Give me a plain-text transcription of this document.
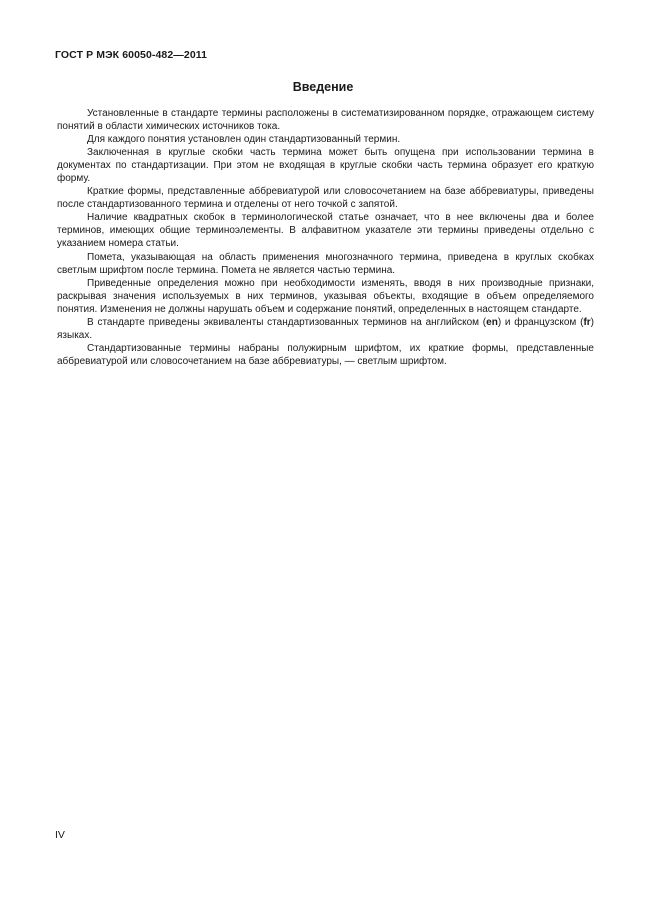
ГОСТ Р МЭК 60050-482—2011
Введение

Установленные в стандарте термины расположены в систематизированном порядке, отражающем систему понятий в области химических источников тока.

Для каждого понятия установлен один стандартизованный термин.

Заключенная в круглые скобки часть термина может быть опущена при использовании термина в документах по стандартизации. При этом не входящая в круглые скобки часть термина образует его краткую форму.

Краткие формы, представленные аббревиатурой или словосочетанием на базе аббревиатуры, приведены после стандартизованного термина и отделены от него точкой с запятой.

Наличие квадратных скобок в терминологической статье означает, что в нее включены два и более терминов, имеющих общие терминоэлементы. В алфавитном указателе эти термины приведены отдельно с указанием номера статьи.

Помета, указывающая на область применения многозначного термина, приведена в круглых скобках светлым шрифтом после термина. Помета не является частью термина.

Приведенные определения можно при необходимости изменять, вводя в них производные признаки, раскрывая значения используемых в них терминов, указывая объекты, входящие в объем определяемого понятия. Изменения не должны нарушать объем и содержание понятий, определенных в настоящем стандарте.

В стандарте приведены эквиваленты стандартизованных терминов на английском (en) и французском (fr) языках.

Стандартизованные термины набраны полужирным шрифтом, их краткие формы, представленные аббревиатурой или словосочетанием на базе аббревиатуры, — светлым шрифтом.

IV
